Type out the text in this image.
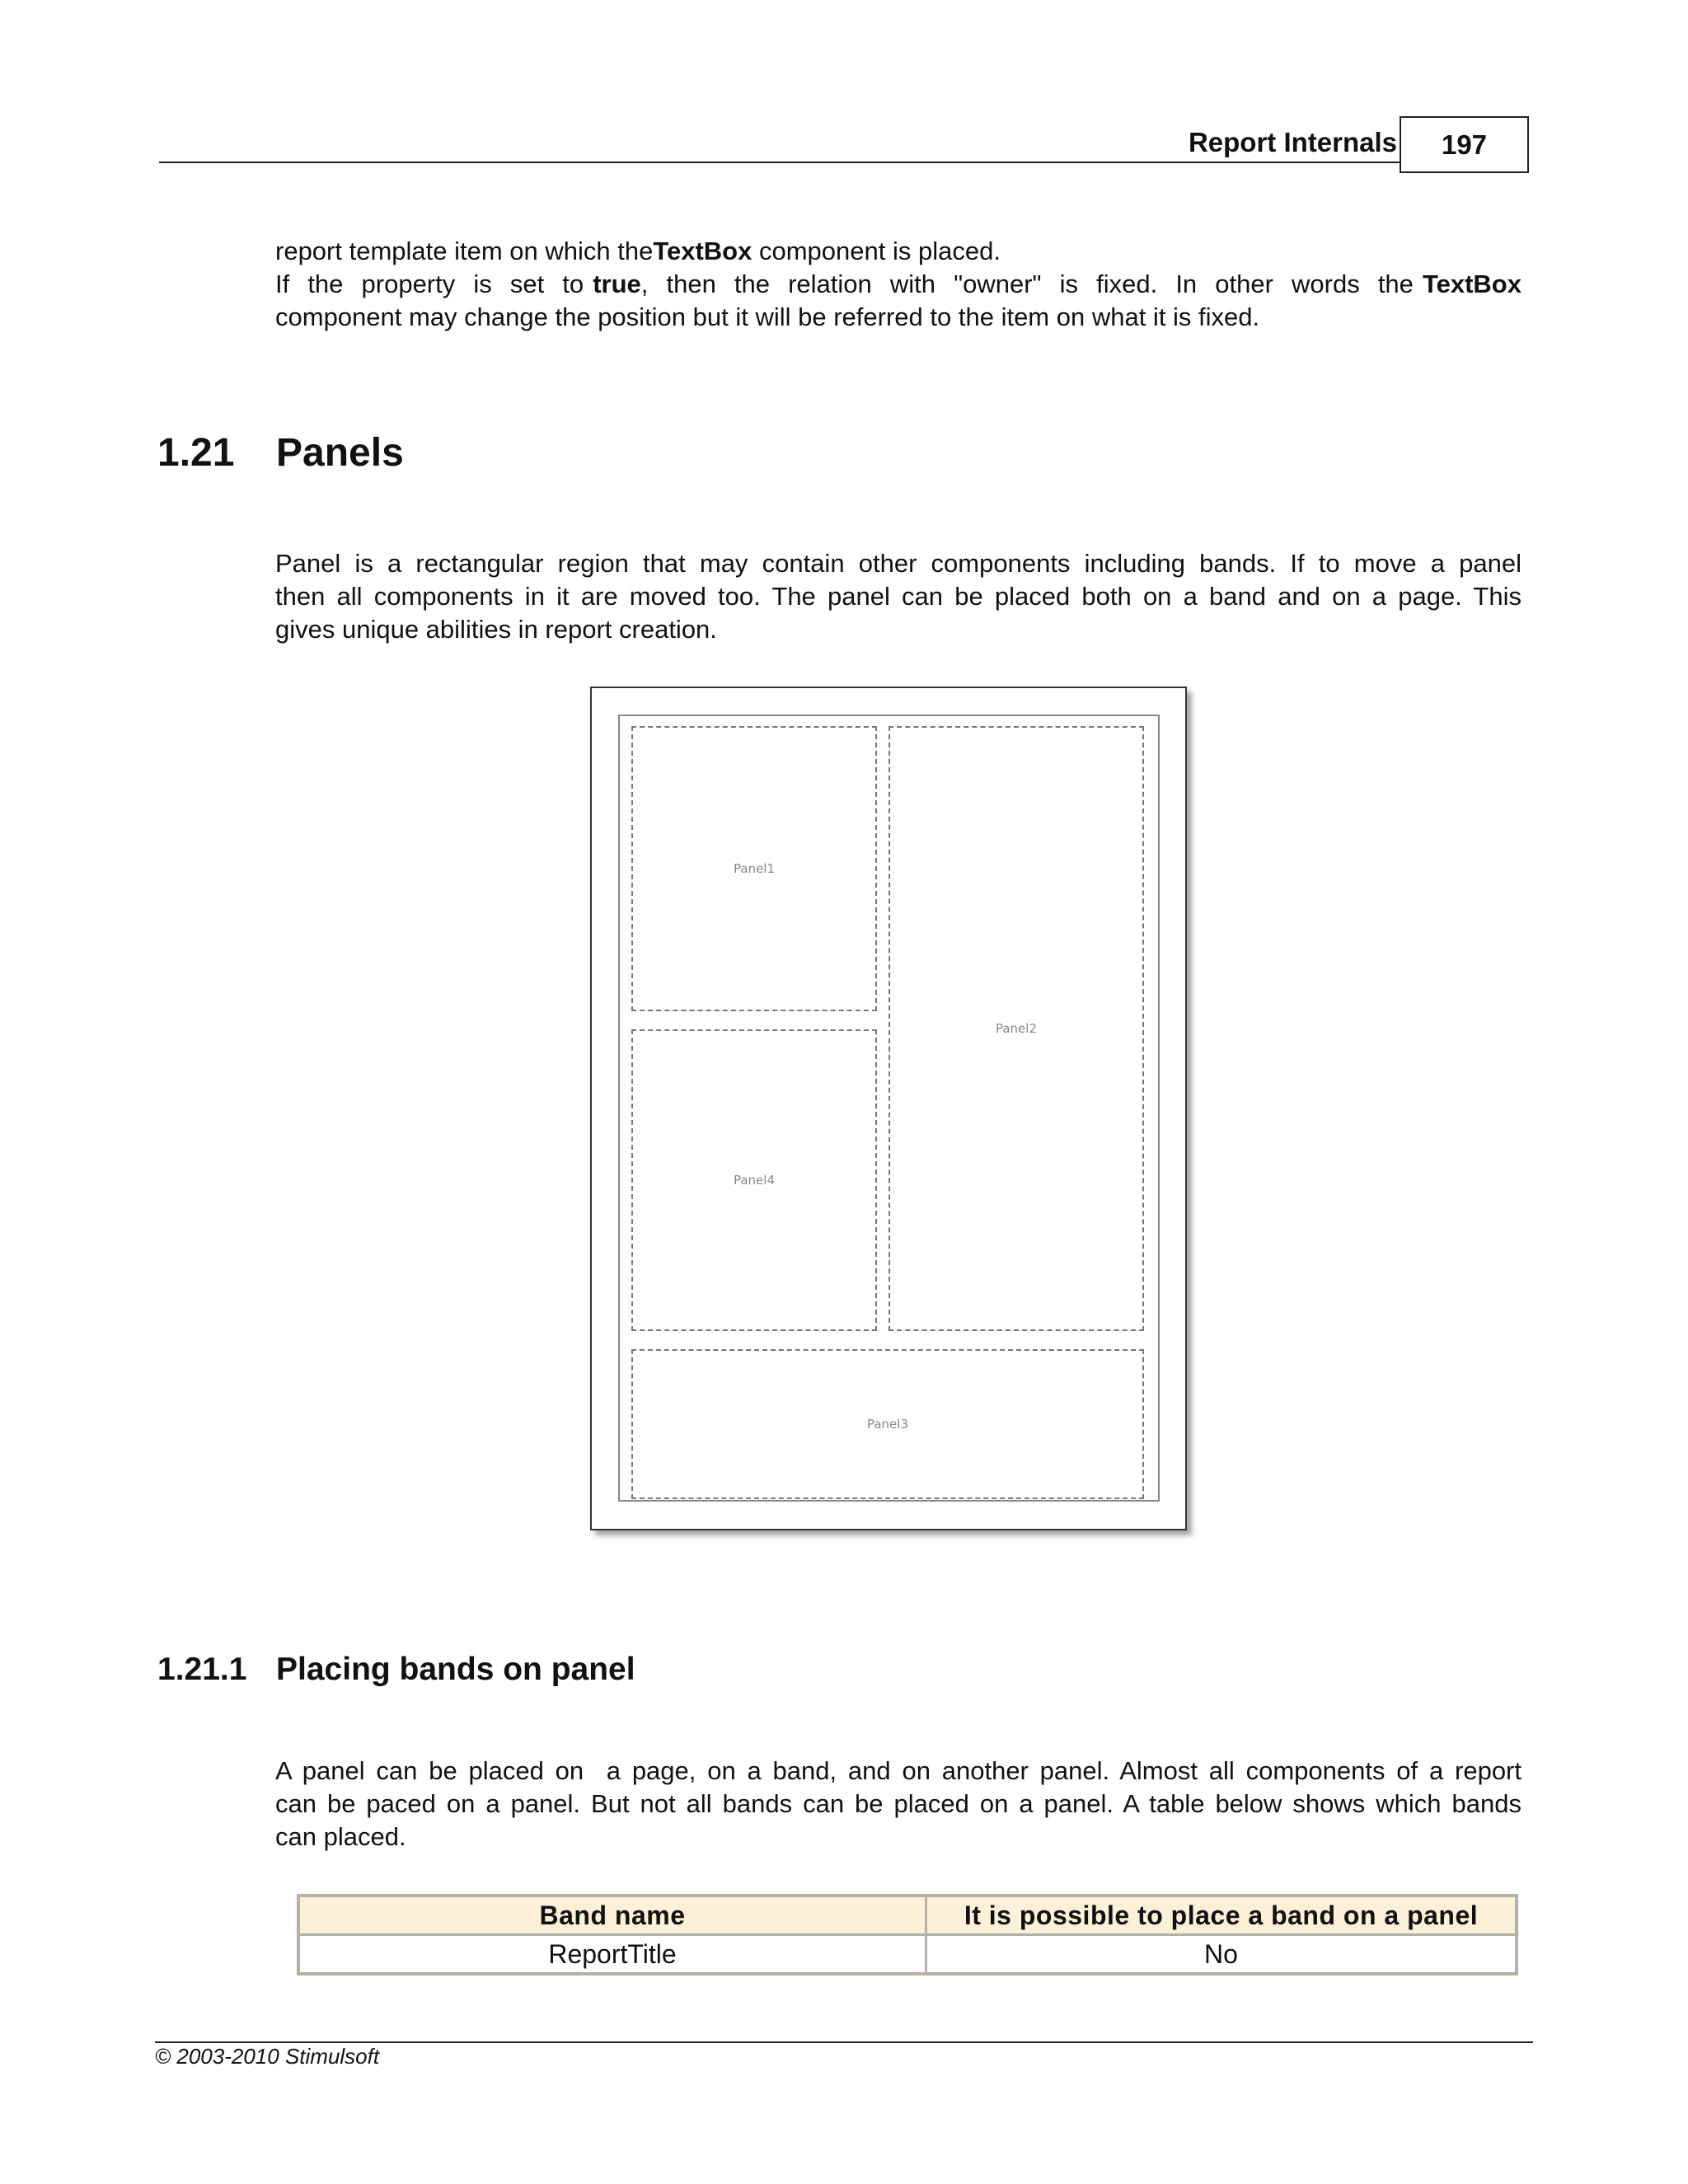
Report Internals	197
report template item on which theTextBox component is placed.
If  the  property  is  set  to true,  then  the  relation  with  "owner"  is  fixed.  In  other  words  the TextBox
component may change the position but it will be referred to the item on what it is fixed.
1.21 Panels
Panel is a rectangular region that may contain other components including bands. If to move a panel
then all components in it are moved too. The panel can be placed both on a band and on a page. This
gives unique abilities in report creation.
Panel1
Panel2
Panel4
Panel3
1.21.1 Placing bands on panel
A panel can be placed on  a page, on a band, and on another panel. Almost all components of a report
can be paced on a panel. But not all bands can be placed on a panel. A table below shows which bands
can placed.
Band name	It is possible to place a band on a panel
ReportTitle	No
© 2003-2010 Stimulsoft
